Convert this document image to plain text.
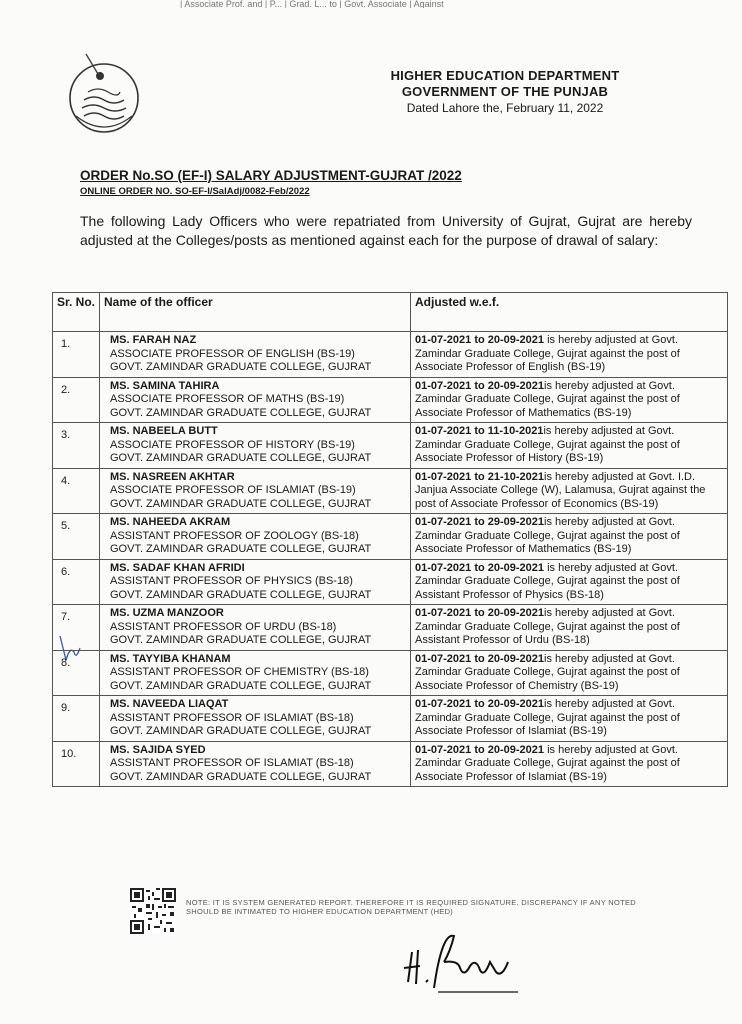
| Associate Prof. and | P... | Grad. L... to | Govt. Associate | Against
HIGHER EDUCATION DEPARTMENT
GOVERNMENT OF THE PUNJAB
Dated Lahore the, February 11, 2022
ORDER No.SO (EF-I) SALARY ADJUSTMENT-GUJRAT /2022
ONLINE ORDER NO. SO-EF-I/SalAdj/0082-Feb/2022
The following Lady Officers who were repatriated from University of Gujrat, Gujrat are hereby adjusted at the Colleges/posts as mentioned against each for the purpose of drawal of salary:
Sr. No.	Name of the officer	Adjusted w.e.f.
1.	MS. FARAH NAZ
ASSOCIATE PROFESSOR OF ENGLISH (BS-19)
GOVT. ZAMINDAR GRADUATE COLLEGE, GUJRAT	01-07-2021 to 20-09-2021 is hereby adjusted at Govt. Zamindar Graduate College, Gujrat against the post of Associate Professor of English (BS-19)
2.	MS. SAMINA TAHIRA
ASSOCIATE PROFESSOR OF MATHS (BS-19)
GOVT. ZAMINDAR GRADUATE COLLEGE, GUJRAT	01-07-2021 to 20-09-2021is hereby adjusted at Govt. Zamindar Graduate College, Gujrat against the post of Associate Professor of Mathematics (BS-19)
3.	MS. NABEELA BUTT
ASSOCIATE PROFESSOR OF HISTORY (BS-19)
GOVT. ZAMINDAR GRADUATE COLLEGE, GUJRAT	01-07-2021 to 11-10-2021is hereby adjusted at Govt. Zamindar Graduate College, Gujrat against the post of Associate Professor of History (BS-19)
4.	MS. NASREEN AKHTAR
ASSOCIATE PROFESSOR OF ISLAMIAT (BS-19)
GOVT. ZAMINDAR GRADUATE COLLEGE, GUJRAT	01-07-2021 to 21-10-2021is hereby adjusted at Govt. I.D. Janjua Associate College (W), Lalamusa, Gujrat against the post of Associate Professor of Economics (BS-19)
5.	MS. NAHEEDA AKRAM
ASSISTANT PROFESSOR OF ZOOLOGY (BS-18)
GOVT. ZAMINDAR GRADUATE COLLEGE, GUJRAT	01-07-2021 to 29-09-2021is hereby adjusted at Govt. Zamindar Graduate College, Gujrat against the post of Associate Professor of Mathematics (BS-19)
6.	MS. SADAF KHAN AFRIDI
ASSISTANT PROFESSOR OF PHYSICS (BS-18)
GOVT. ZAMINDAR GRADUATE COLLEGE, GUJRAT	01-07-2021 to 20-09-2021 is hereby adjusted at Govt. Zamindar Graduate College, Gujrat against the post of Assistant Professor of Physics (BS-18)
7.	MS. UZMA MANZOOR
ASSISTANT PROFESSOR OF URDU (BS-18)
GOVT. ZAMINDAR GRADUATE COLLEGE, GUJRAT	01-07-2021 to 20-09-2021is hereby adjusted at Govt. Zamindar Graduate College, Gujrat against the post of Assistant Professor of Urdu (BS-18)
8.	MS. TAYYIBA KHANAM
ASSISTANT PROFESSOR OF CHEMISTRY (BS-18)
GOVT. ZAMINDAR GRADUATE COLLEGE, GUJRAT	01-07-2021 to 20-09-2021is hereby adjusted at Govt. Zamindar Graduate College, Gujrat against the post of Associate Professor of Chemistry (BS-19)
9.	MS. NAVEEDA LIAQAT
ASSISTANT PROFESSOR OF ISLAMIAT (BS-18)
GOVT. ZAMINDAR GRADUATE COLLEGE, GUJRAT	01-07-2021 to 20-09-2021is hereby adjusted at Govt. Zamindar Graduate College, Gujrat against the post of Associate Professor of Islamiat (BS-19)
10.	MS. SAJIDA SYED
ASSISTANT PROFESSOR OF ISLAMIAT (BS-18)
GOVT. ZAMINDAR GRADUATE COLLEGE, GUJRAT	01-07-2021 to 20-09-2021 is hereby adjusted at Govt. Zamindar Graduate College, Gujrat against the post of Associate Professor of Islamiat (BS-19)
NOTE: IT IS SYSTEM GENERATED REPORT. THEREFORE IT IS REQUIRED SIGNATURE. DISCREPANCY IF ANY NOTED SHOULD BE INTIMATED TO HIGHER EDUCATION DEPARTMENT (HED)
